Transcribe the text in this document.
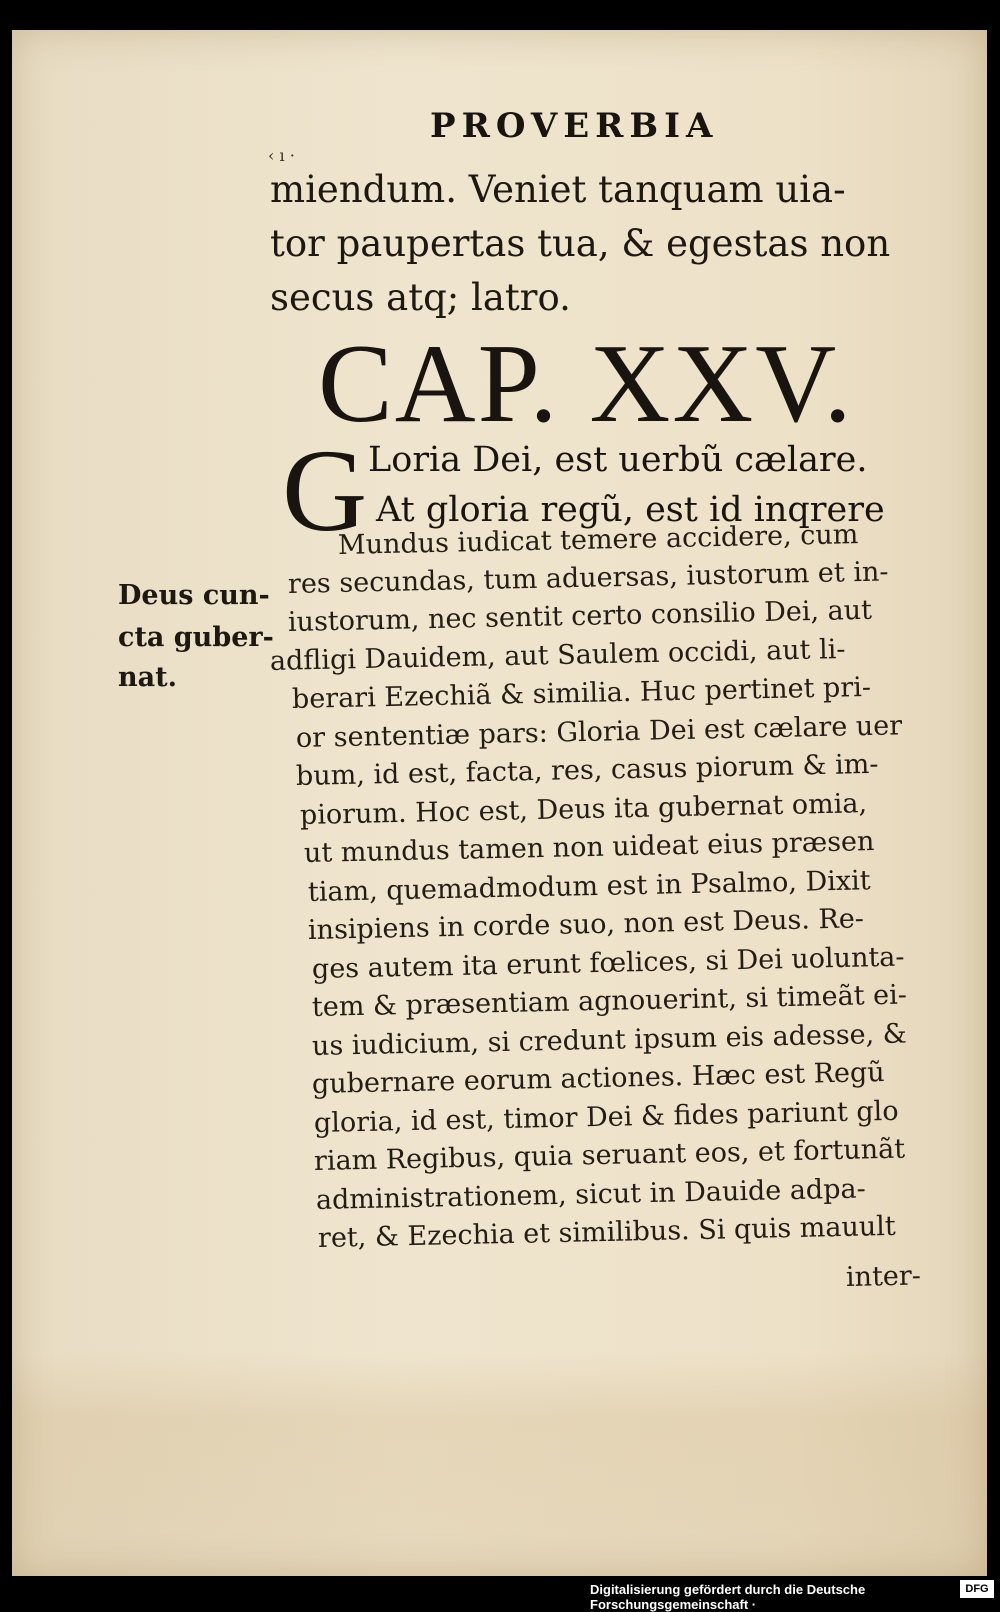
PROVERBIA
‹ ı ·
miendum. Veniet tanquam uia-
tor paupertas tua, & egestas non
secus atq; latro.
CAP. XXV.
G Loria Dei, est uerbũ cælare.
At gloria regũ, est id inqrere
Deus cun-
cta guber-
nat.
Mundus iudicat temere accidere, cum
res secundas, tum aduersas, iustorum et in-
iustorum, nec sentit certo consilio Dei, aut
adfligi Dauidem, aut Saulem occidi, aut li-
berari Ezechiã & similia. Huc pertinet pri-
or sententiæ pars: Gloria Dei est cælare uer
bum, id est, facta, res, casus piorum & im-
piorum. Hoc est, Deus ita gubernat omia,
ut mundus tamen non uideat eius præsen
tiam, quemadmodum est in Psalmo, Dixit
insipiens in corde suo, non est Deus. Re-
ges autem ita erunt fœlices, si Dei uolunta-
tem & præsentiam agnouerint, si timeãt ei-
us iudicium, si credunt ipsum eis adesse, &
gubernare eorum actiones. Hæc est Regũ
gloria, id est, timor Dei & fides pariunt glo
riam Regibus, quia seruant eos, et fortunãt
administrationem, sicut in Dauide adpa-
ret, & Ezechia et similibus. Si quis mauult
inter-
Digitalisierung gefördert durch die Deutsche Forschungsgemeinschaft ·
DFG
